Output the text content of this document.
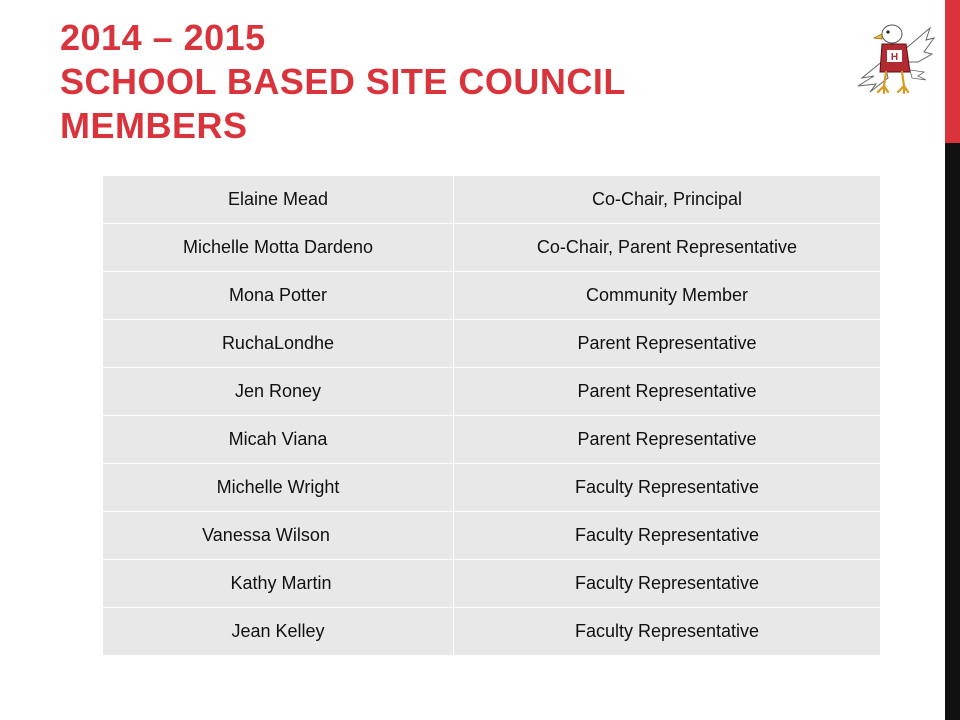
2014 – 2015
SCHOOL BASED SITE COUNCIL
MEMBERS
H
Elaine Mead	Co-Chair, Principal
Michelle Motta Dardeno	Co-Chair, Parent Representative
Mona Potter	Community Member
RuchaLondhe	Parent Representative
Jen Roney	Parent Representative
Micah Viana	Parent Representative
Michelle Wright	Faculty Representative
Vanessa Wilson	Faculty Representative
Kathy Martin	Faculty Representative
Jean Kelley	Faculty Representative
